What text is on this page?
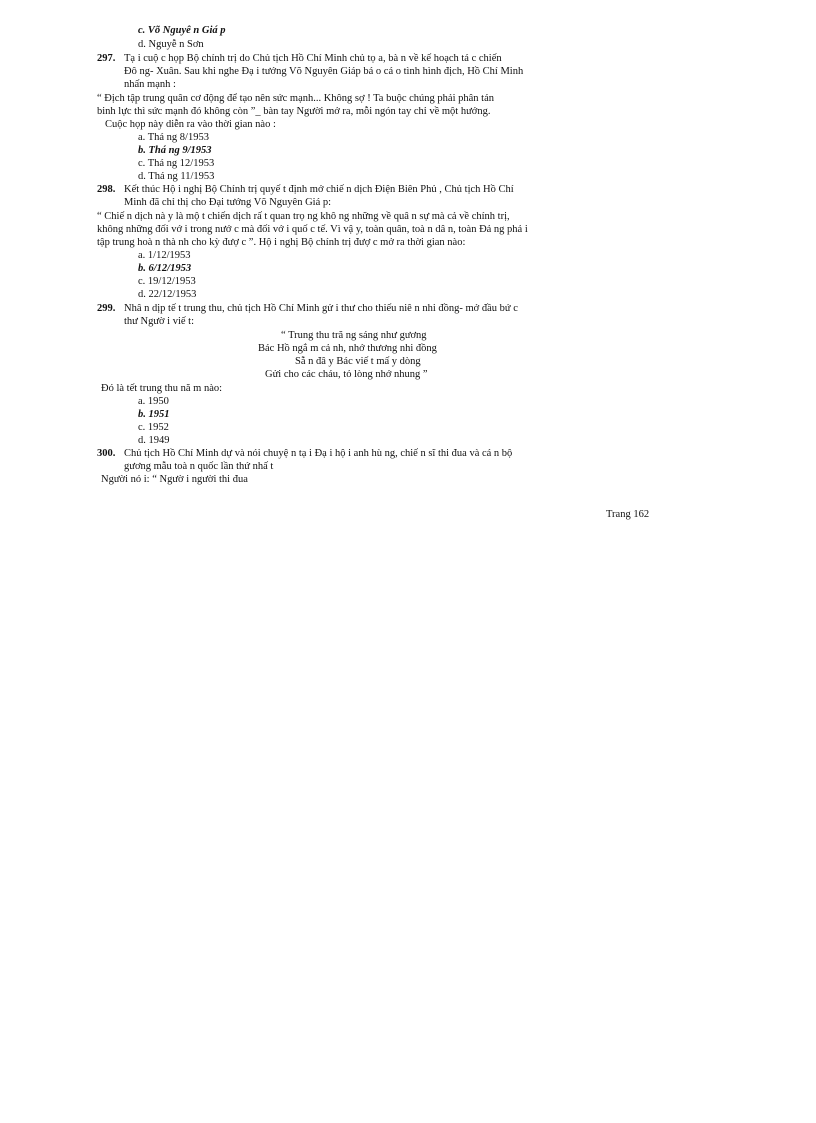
c. Võ Nguyê n Giá p
d. Nguyễ n Sơn
297. Tạ i cuộ c họp Bộ chính trị do Chủ tịch Hồ Chí Minh chủ tọ a, bà n về kế hoạch tá c chiến
Đô ng- Xuân. Sau khi nghe Đạ i tướng Võ Nguyên Giáp bá o cá o tình hình địch, Hồ Chí Minh
nhấn mạnh :
“ Địch tập trung quân cơ động để tạo nên sức mạnh... Không sợ ! Ta buộc chúng phải phân tán
binh lực thì sức mạnh đó không còn ”_ bàn tay Người mở ra, mỗi ngón tay chỉ về một hướng.
Cuộc họp này diễn ra vào thời gian nào :
a. Thá ng 8/1953
b. Thá ng 9/1953
c. Thá ng 12/1953
d. Thá ng 11/1953
298. Kết thúc Hộ i nghị Bộ Chính trị quyế t định mở chiế n dịch Điện Biên Phủ , Chủ tịch Hồ Chí
Minh đã chỉ thị cho Đại tướng Võ Nguyên Giá p:
“ Chiế n dịch nà y là mộ t chiến dịch rấ t quan trọ ng khô ng những về quâ n sự mà cả về chính trị,
không những đối vớ i trong nướ c mà đối vớ i quố c tế. Vì vậ y, toàn quân, toà n dâ n, toàn Đả ng phả i
tập trung hoà n thà nh cho kỳ đượ c ”. Hộ i nghị Bộ chính trị đượ c mở ra thời gian nào:
a. 1/12/1953
b. 6/12/1953
c. 19/12/1953
d. 22/12/1953
299. Nhâ n dịp tế t trung thu, chủ tịch Hồ Chí Minh gử i thư cho thiếu niê n nhi đồng- mở đầu bứ c
thư Ngườ i viế t:
“ Trung thu tră ng sáng như gương
Bác Hồ ngắ m cả nh, nhớ thương nhi đồng
Sẵ n đâ y Bác viế t mấ y dòng
Gửi cho các cháu, tỏ lòng nhớ nhung ”
Đó là tết trung thu nă m nào:
a. 1950
b. 1951
c. 1952
d. 1949
300. Chủ tịch Hồ Chí Minh dự và nói chuyệ n tạ i Đạ i hộ i anh hù ng, chiế n sĩ thi đua và cá n bộ
gương mẫu toà n quốc lần thứ nhấ t
Người nó i: “ Ngườ i người thi đua
Trang 162
